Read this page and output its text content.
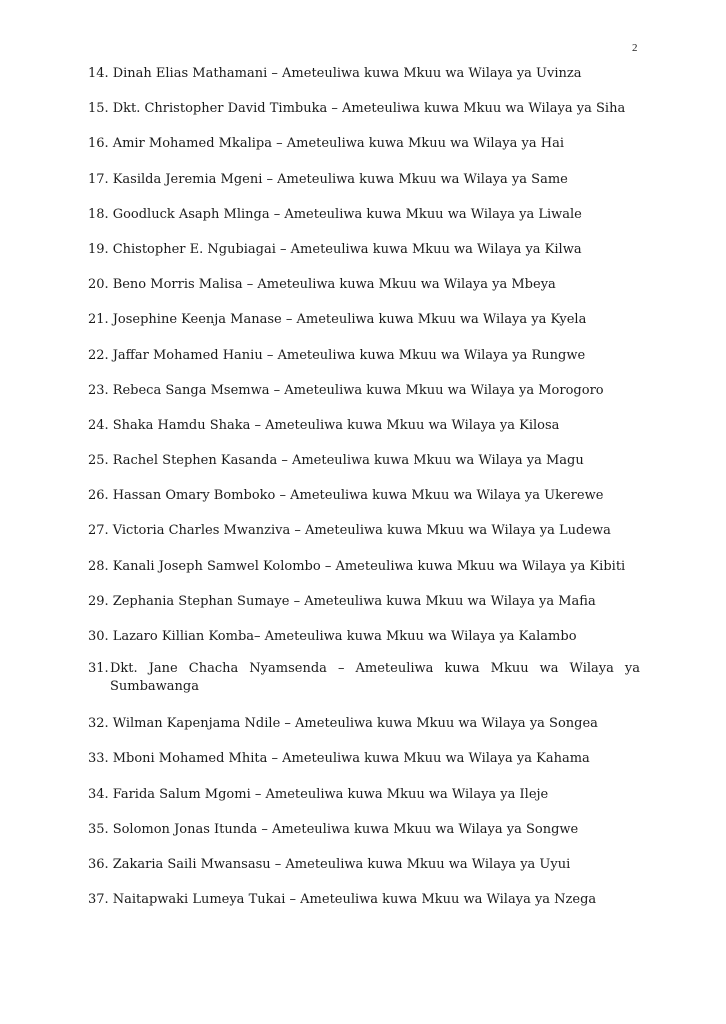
2
14. Dinah Elias Mathamani – Ameteuliwa kuwa Mkuu wa Wilaya ya Uvinza
15. Dkt. Christopher David Timbuka – Ameteuliwa kuwa Mkuu wa Wilaya ya Siha
16. Amir Mohamed Mkalipa – Ameteuliwa kuwa Mkuu wa Wilaya ya Hai
17. Kasilda Jeremia Mgeni – Ameteuliwa kuwa Mkuu wa Wilaya ya Same
18. Goodluck Asaph Mlinga – Ameteuliwa kuwa Mkuu wa Wilaya ya Liwale
19. Chistopher E. Ngubiagai – Ameteuliwa kuwa Mkuu wa Wilaya ya Kilwa
20. Beno Morris Malisa – Ameteuliwa kuwa Mkuu wa Wilaya ya Mbeya
21. Josephine Keenja Manase – Ameteuliwa kuwa Mkuu wa Wilaya ya Kyela
22. Jaffar Mohamed Haniu – Ameteuliwa kuwa Mkuu wa Wilaya ya Rungwe
23. Rebeca Sanga Msemwa – Ameteuliwa kuwa Mkuu wa Wilaya ya Morogoro
24. Shaka Hamdu Shaka – Ameteuliwa kuwa Mkuu wa Wilaya ya Kilosa
25. Rachel Stephen Kasanda – Ameteuliwa kuwa Mkuu wa Wilaya ya Magu
26. Hassan Omary Bomboko – Ameteuliwa kuwa Mkuu wa Wilaya ya Ukerewe
27. Victoria Charles Mwanziva – Ameteuliwa kuwa Mkuu wa Wilaya ya Ludewa
28. Kanali Joseph Samwel Kolombo – Ameteuliwa kuwa Mkuu wa Wilaya ya Kibiti
29. Zephania Stephan Sumaye – Ameteuliwa kuwa Mkuu wa Wilaya ya Mafia
30. Lazaro Killian Komba– Ameteuliwa kuwa Mkuu wa Wilaya ya Kalambo
31.Dkt. Jane Chacha Nyamsenda – Ameteuliwa kuwa Mkuu wa Wilaya ya Sumbawanga
32. Wilman Kapenjama Ndile – Ameteuliwa kuwa Mkuu wa Wilaya ya Songea
33. Mboni Mohamed Mhita – Ameteuliwa kuwa Mkuu wa Wilaya ya Kahama
34. Farida Salum Mgomi – Ameteuliwa kuwa Mkuu wa Wilaya ya Ileje
35. Solomon Jonas Itunda – Ameteuliwa kuwa Mkuu wa Wilaya ya Songwe
36. Zakaria Saili Mwansasu – Ameteuliwa kuwa Mkuu wa Wilaya ya Uyui
37. Naitapwaki Lumeya Tukai – Ameteuliwa kuwa Mkuu wa Wilaya ya Nzega
